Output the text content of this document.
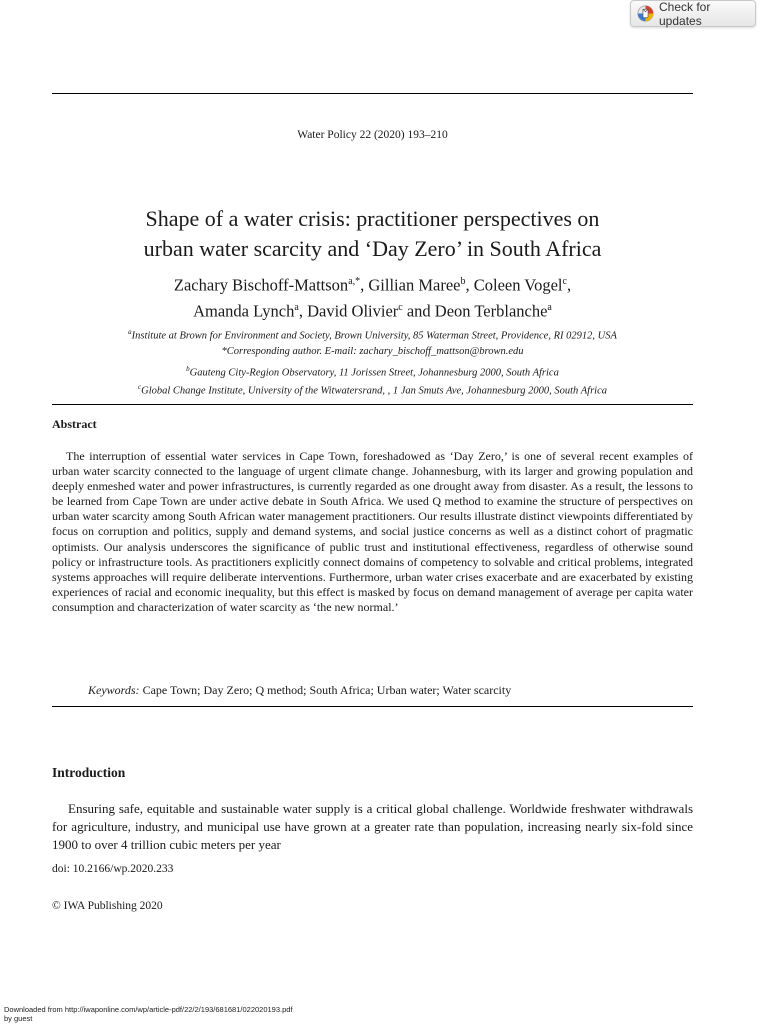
Check for updates
Water Policy 22 (2020) 193–210
Shape of a water crisis: practitioner perspectives on
urban water scarcity and ‘Day Zero’ in South Africa
Zachary Bischoff-Mattson$^{a,*}$, Gillian Maree$^b$, Coleen Vogel$^c$,
Amanda Lynch$^a$, David Olivier$^c$ and Deon Terblanche$^a$
$^a$Institute at Brown for Environment and Society, Brown University, 85 Waterman Street, Providence, RI 02912, USA
*Corresponding author. E-mail: zachary_bischoff_mattson@brown.edu
$^b$Gauteng City-Region Observatory, 11 Jorissen Street, Johannesburg 2000, South Africa
$^c$Global Change Institute, University of the Witwatersrand, , 1 Jan Smuts Ave, Johannesburg 2000, South Africa
Abstract

The interruption of essential water services in Cape Town, foreshadowed as ‘Day Zero,’ is one of several recent examples of urban water scarcity connected to the language of urgent climate change. Johannesburg, with its larger and growing population and deeply enmeshed water and power infrastructures, is currently regarded as one drought away from disaster. As a result, the lessons to be learned from Cape Town are under active debate in South Africa. We used Q method to examine the structure of perspectives on urban water scarcity among South African water management practitioners. Our results illustrate distinct viewpoints differentiated by focus on corruption and politics, supply and demand systems, and social justice concerns as well as a distinct cohort of pragmatic optimists. Our analysis underscores the significance of public trust and institutional effectiveness, regardless of otherwise sound policy or infrastructure tools. As practitioners explicitly connect domains of competency to solvable and critical problems, integrated systems approaches will require deliberate interventions. Furthermore, urban water crises exacerbate and are exacerbated by existing experiences of racial and economic inequality, but this effect is masked by focus on demand management of average per capita water consumption and characterization of water scarcity as ‘the new normal.’

Keywords: Cape Town; Day Zero; Q method; South Africa; Urban water; Water scarcity
Introduction

Ensuring safe, equitable and sustainable water supply is a critical global challenge. Worldwide freshwater withdrawals for agriculture, industry, and municipal use have grown at a greater rate than population, increasing nearly six-fold since 1900 to over 4 trillion cubic meters per year

doi: 10.2166/wp.2020.233
© IWA Publishing 2020
Downloaded from http://iwaponline.com/wp/article-pdf/22/2/193/681681/022020193.pdf
by guest
